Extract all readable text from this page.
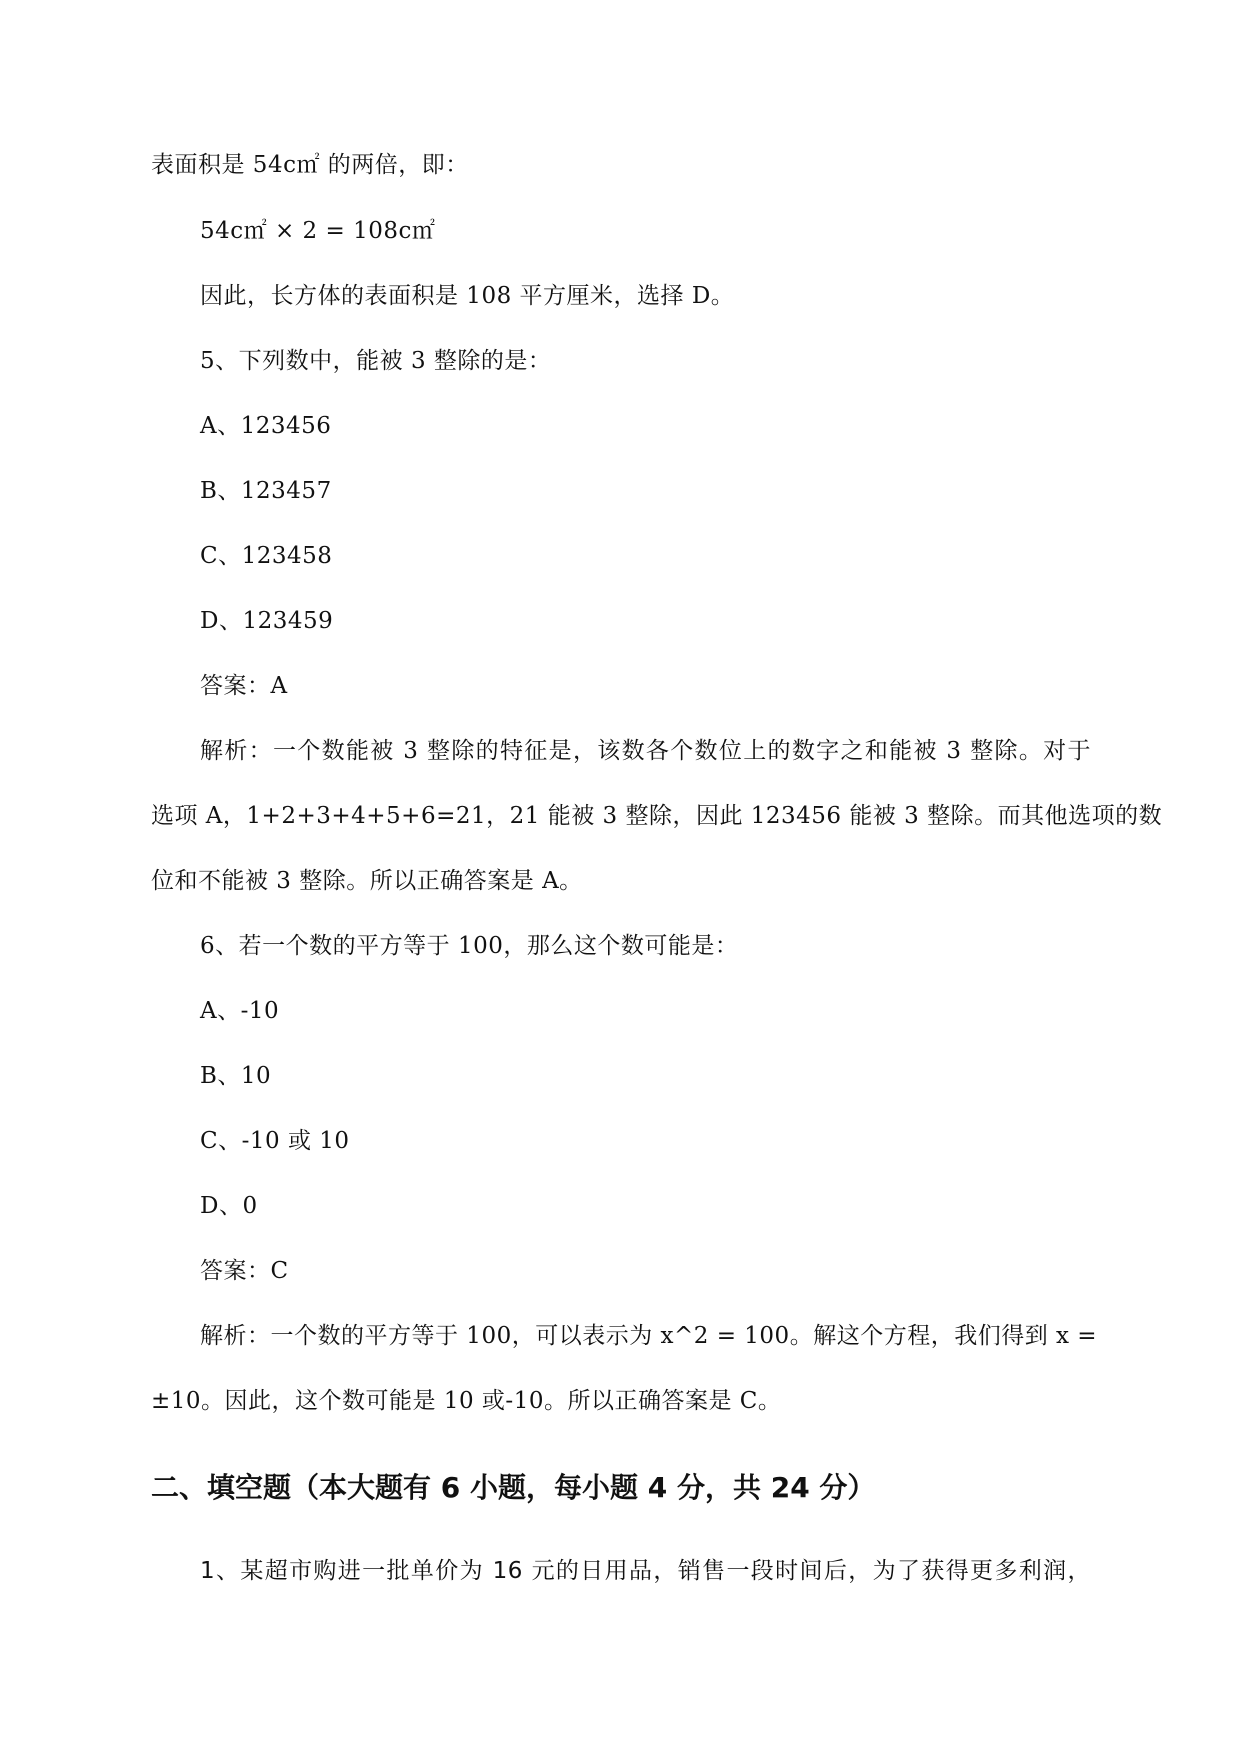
表面积是 54c㎡ 的两倍，即：
54c㎡ × 2 = 108c㎡
因此，长方体的表面积是 108 平方厘米，选择 D。
5、下列数中，能被 3 整除的是：
A、123456
B、123457
C、123458
D、123459
答案：A
解析：一个数能被 3 整除的特征是，该数各个数位上的数字之和能被 3 整除。对于
选项 A，1+2+3+4+5+6=21，21 能被 3 整除，因此 123456 能被 3 整除。而其他选项的数
位和不能被 3 整除。所以正确答案是 A。
6、若一个数的平方等于 100，那么这个数可能是：
A、-10
B、10
C、-10 或 10
D、0
答案：C
解析：一个数的平方等于 100，可以表示为 x^2 = 100。解这个方程，我们得到 x =
±10。因此，这个数可能是 10 或-10。所以正确答案是 C。
二、填空题（本大题有 6 小题，每小题 4 分，共 24 分）
1、某超市购进一批单价为 16 元的日用品，销售一段时间后，为了获得更多利润，
